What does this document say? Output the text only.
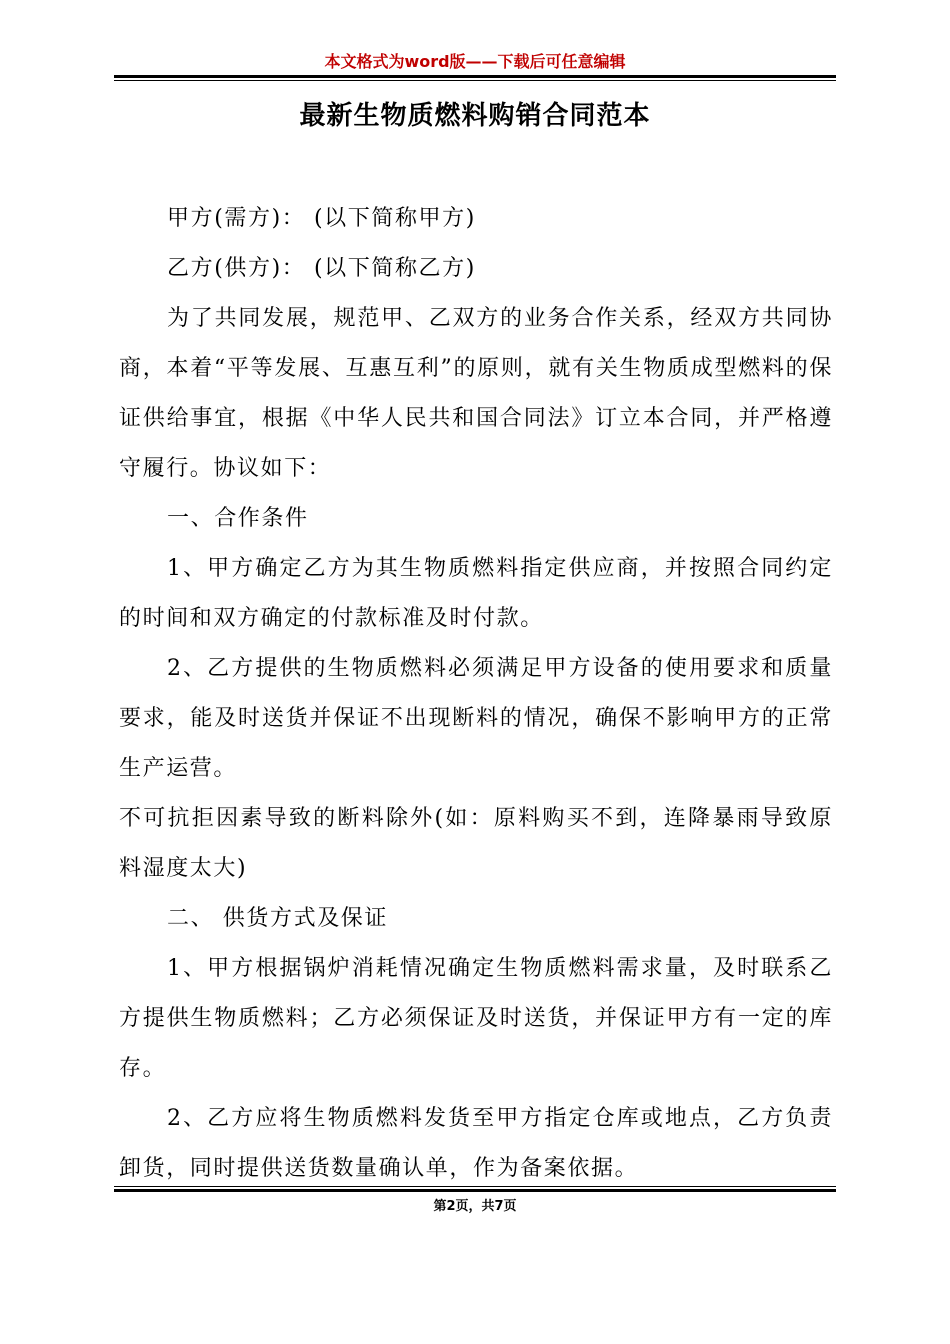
本文格式为word版——下载后可任意编辑
最新生物质燃料购销合同范本

甲方(需方)： (以下简称甲方)

乙方(供方)： (以下简称乙方)

为了共同发展，规范甲、乙双方的业务合作关系，经双方共同协商，本着“平等发展、互惠互利”的原则，就有关生物质成型燃料的保证供给事宜，根据《中华人民共和国合同法》订立本合同，并严格遵守履行。协议如下：

一、合作条件

1、甲方确定乙方为其生物质燃料指定供应商，并按照合同约定的时间和双方确定的付款标准及时付款。

2、乙方提供的生物质燃料必须满足甲方设备的使用要求和质量要求，能及时送货并保证不出现断料的情况，确保不影响甲方的正常生产运营。

不可抗拒因素导致的断料除外(如：原料购买不到，连降暴雨导致原料湿度太大)

二、 供货方式及保证

1、甲方根据锅炉消耗情况确定生物质燃料需求量，及时联系乙方提供生物质燃料；乙方必须保证及时送货，并保证甲方有一定的库存。

2、乙方应将生物质燃料发货至甲方指定仓库或地点，乙方负责卸货，同时提供送货数量确认单，作为备案依据。

第2页，共7页
